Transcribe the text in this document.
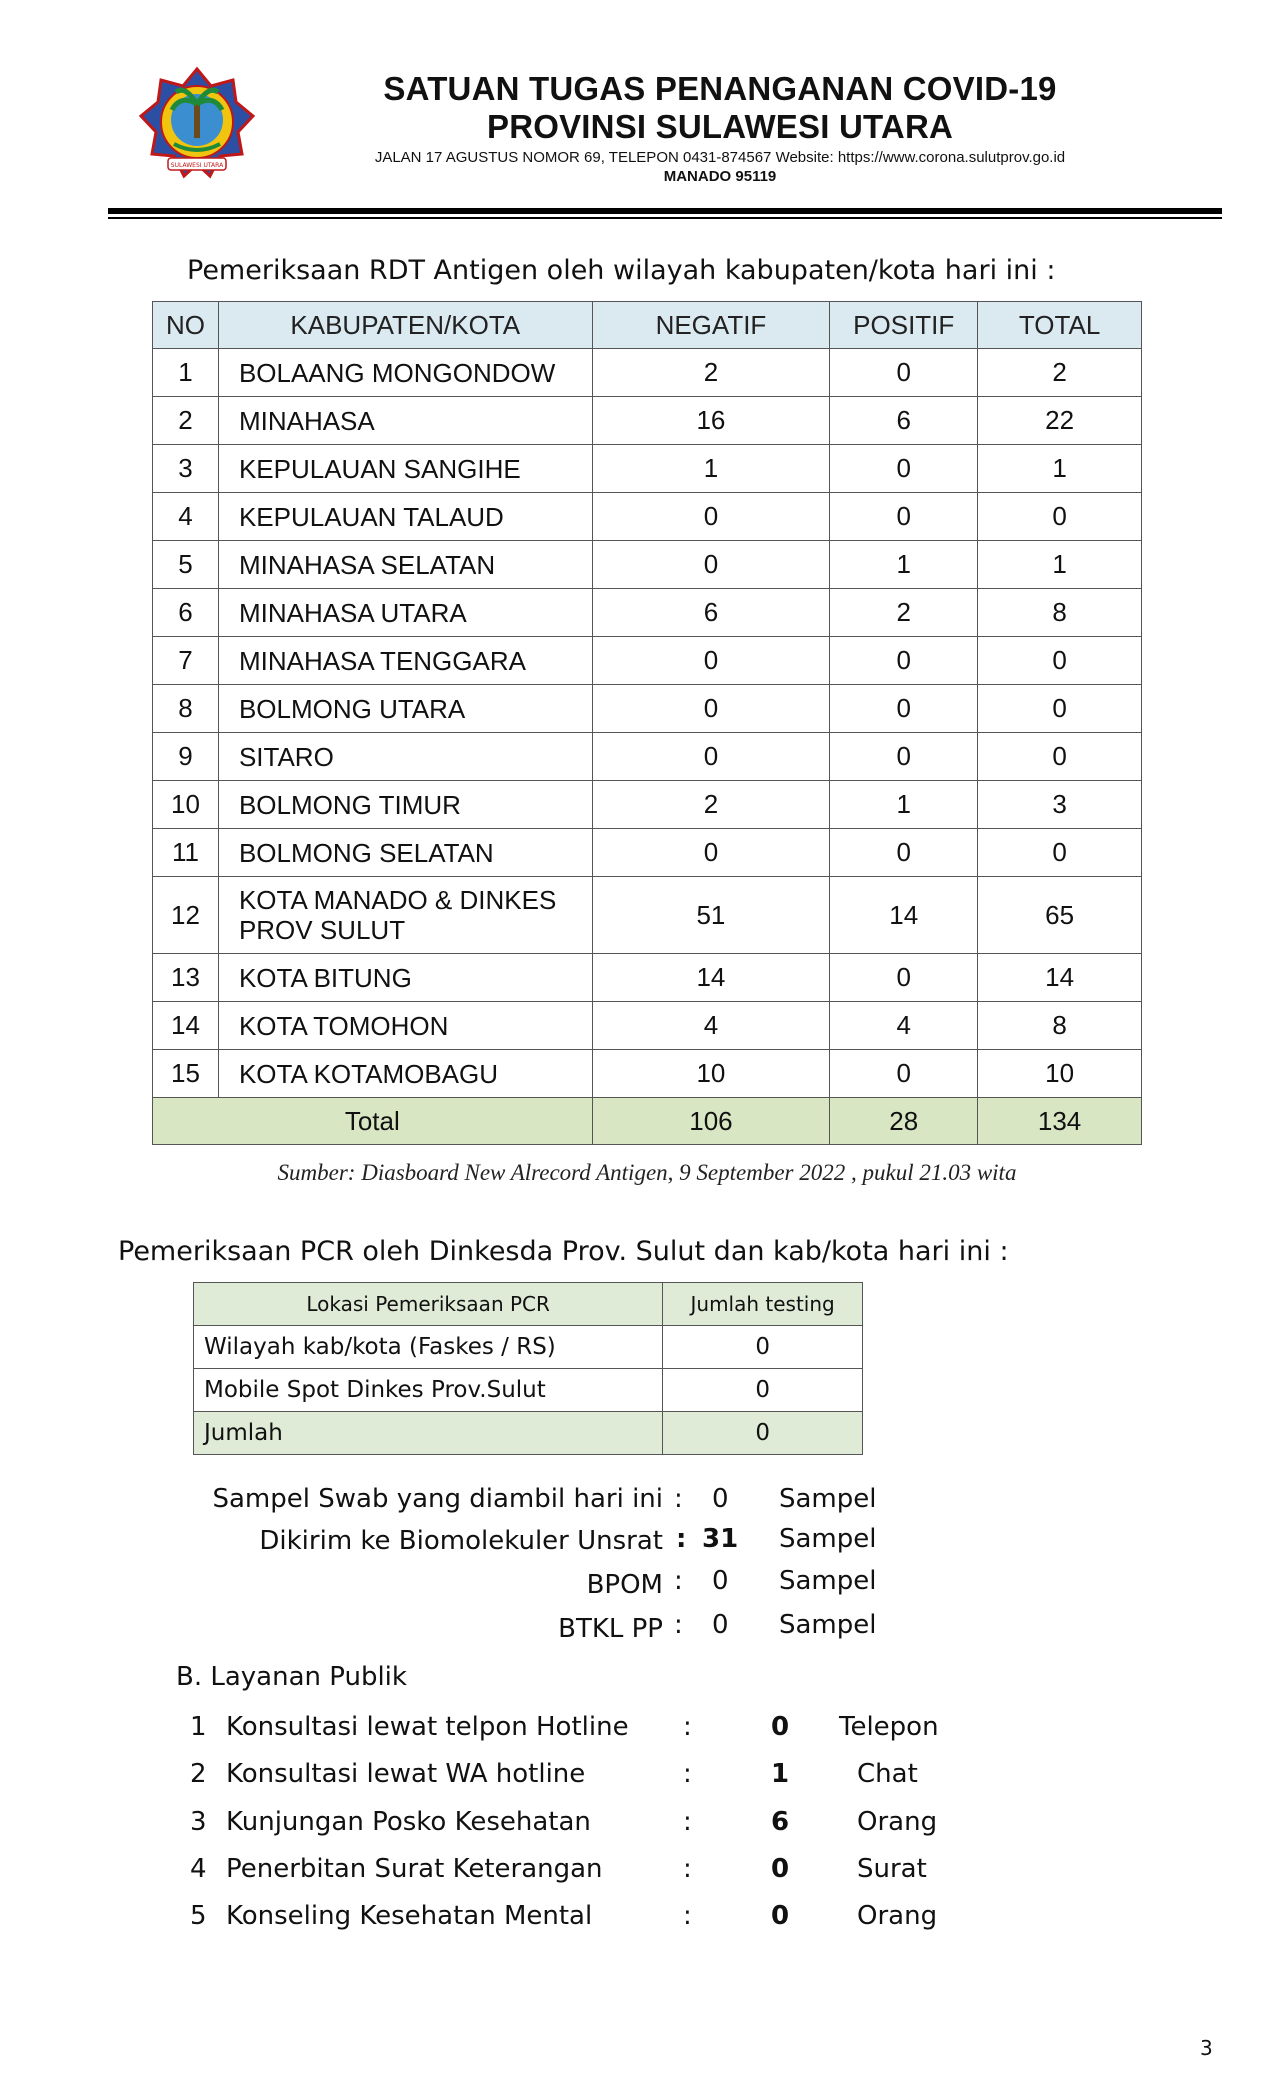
SULAWESI UTARA
SATUAN TUGAS PENANGANAN COVID-19
PROVINSI SULAWESI UTARA
JALAN 17 AGUSTUS NOMOR 69, TELEPON 0431-874567 Website: https://www.corona.sulutprov.go.id
MANADO 95119
Pemeriksaan RDT Antigen oleh wilayah kabupaten/kota hari ini :
NO	KABUPATEN/KOTA	NEGATIF	POSITIF	TOTAL
1	BOLAANG MONGONDOW	2	0	2
2	MINAHASA	16	6	22
3	KEPULAUAN SANGIHE	1	0	1
4	KEPULAUAN TALAUD	0	0	0
5	MINAHASA SELATAN	0	1	1
6	MINAHASA UTARA	6	2	8
7	MINAHASA TENGGARA	0	0	0
8	BOLMONG UTARA	0	0	0
9	SITARO	0	0	0
10	BOLMONG TIMUR	2	1	3
11	BOLMONG SELATAN	0	0	0
12	KOTA MANADO & DINKES
PROV SULUT	51	14	65
13	KOTA BITUNG	14	0	14
14	KOTA TOMOHON	4	4	8
15	KOTA KOTAMOBAGU	10	0	10
Total		106	28	134
Sumber: Diasboard New Alrecord Antigen, 9 September 2022 , pukul 21.03 wita
Pemeriksaan PCR oleh Dinkesda Prov. Sulut dan kab/kota hari ini :
Lokasi Pemeriksaan PCR	Jumlah testing
Wilayah kab/kota (Faskes / RS)	0
Mobile Spot Dinkes Prov.Sulut	0
Jumlah	0
Sampel Swab yang diambil hari ini : 0 Sampel
Dikirim ke Biomolekuler Unsrat : 31 Sampel
BPOM : 0 Sampel
BTKL PP : 0 Sampel
B. Layanan Publik
1 Konsultasi lewat telpon Hotline :	0 Telepon
2 Konsultasi lewat WA hotline	:	1	Chat
3 Kunjungan Posko Kesehatan	:	6	Orang
4 Penerbitan Surat Keterangan	:	0	Surat
5 Konseling Kesehatan Mental	:	0	Orang
3
